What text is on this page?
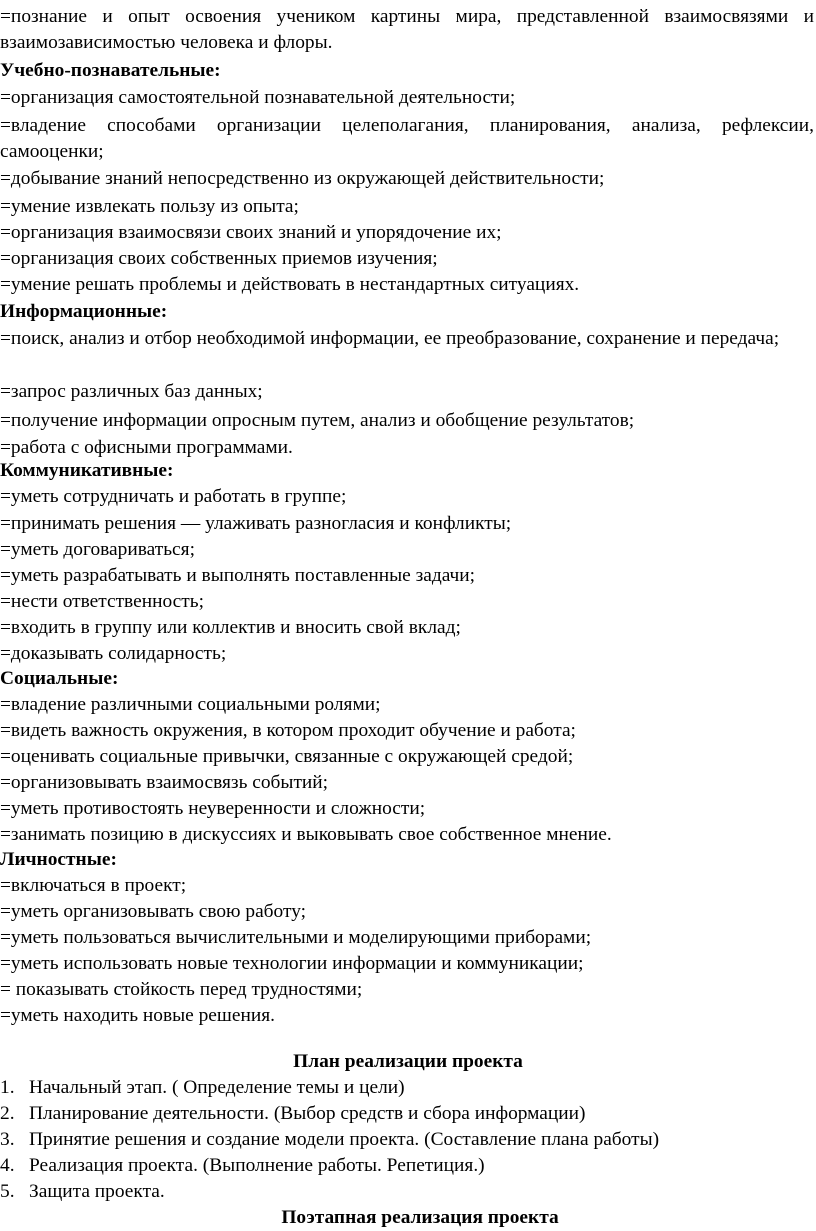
=познание и опыт освоения учеником картины мира, представленной взаимосвязями и взаимозависимостью человека и флоры.
Учебно-познавательные:
=организация самостоятельной познавательной деятельности;
=владение способами организации целеполагания, планирования, анализа, рефлексии, самооценки;
=добывание знаний непосредственно из окружающей действительности;
=умение извлекать пользу из опыта;
=организация взаимосвязи своих знаний и упорядочение их;
=организация своих собственных приемов изучения;
=умение решать проблемы и действовать в нестандартных ситуациях.
Информационные:
=поиск, анализ и отбор необходимой информации, ее преобразование, сохранение и передача;
=запрос различных баз данных;
=получение информации опросным путем, анализ и обобщение результатов;
=работа с офисными программами.
Коммуникативные:
=уметь сотрудничать и работать в группе;
=принимать решения — улаживать разногласия и конфликты;
=уметь договариваться;
=уметь разрабатывать и выполнять поставленные задачи;
=нести ответственность;
=входить в группу или коллектив и вносить свой вклад;
=доказывать солидарность;
Социальные:
=владение различными социальными ролями;
=видеть важность окружения, в котором проходит обучение и работа;
=оценивать социальные привычки, связанные с окружающей средой;
=организовывать взаимосвязь событий;
=уметь противостоять неуверенности и сложности;
=занимать позицию в дискуссиях и выковывать свое собственное мнение.
Личностные:
=включаться в проект;
=уметь организовывать свою работу;
=уметь пользоваться вычислительными и моделирующими приборами;
=уметь использовать новые технологии информации и коммуникации;
= показывать стойкость перед трудностями;
=уметь находить новые решения.
План реализации проекта
1. Начальный этап. ( Определение темы и цели)
2. Планирование деятельности. (Выбор средств и сбора информации)
3. Принятие решения и создание модели проекта. (Составление плана работы)
4. Реализация проекта. (Выполнение работы. Репетиция.)
5. Защита проекта.
Поэтапная реализация проекта
